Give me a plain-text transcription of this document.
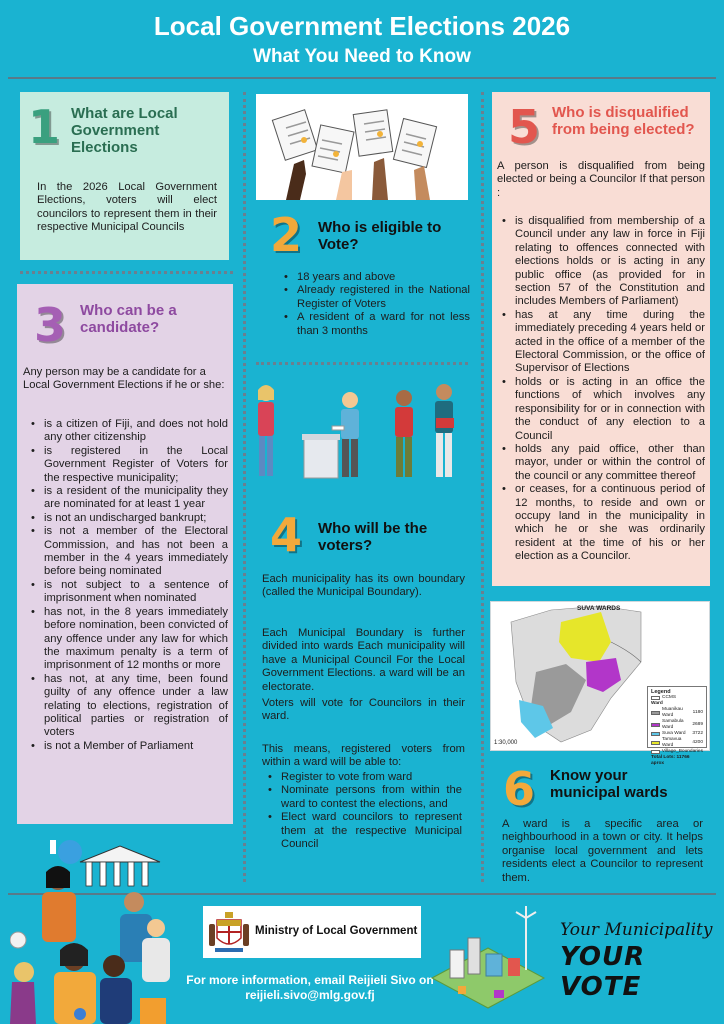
Local Government Elections 2026
What You Need to Know
1 What are Local Government Elections
In the 2026 Local Government Elections, voters will elect councilors to represent them in their respective Municipal Councils
3 Who can be a candidate?
Any person may be a candidate for a Local Government Elections if he or she:
• is a citizen of Fiji, and does not hold any other citizenship
• is registered in the Local Government Register of Voters for the respective municipality;
• is a resident of the municipality they are nominated for at least 1 year
• is not an undischarged bankrupt;
• is not a member of the Electoral Commission, and has not been a member in the 4 years immediately before being nominated
• is not subject to a sentence of imprisonment when nominated
• has not, in the 8 years immediately before nomination, been convicted of any offence under any law for which the maximum penalty is a term of imprisonment of 12 months or more
• has not, at any time, been found guilty of any offence under a law relating to elections, registration of political parties or registration of voters
• is not a Member of Parliament
2 Who is eligible to Vote?
• 18 years and above
• Already registered in the National Register of Voters
• A resident of a ward for not less than 3 months
4 Who will be the voters?
Each municipality has its own boundary (called the Municipal Boundary).
Each Municipal Boundary is further divided into wards Each municipality will have a Municipal Council For the Local Government Elections. a ward will be an electorate.
Voters will vote for Councilors in their ward.
This means, registered voters from within a ward will be able to:
• Register to vote from ward
• Nominate persons from within the ward to contest the elections, and
• Elect ward councilors to represent them at the respective Municipal Council
5 Who is disqualified from being elected?
A person is disqualified from being elected or being a Councilor If that person :
• is disqualified from membership of a Council under any law in force in Fiji relating to offences connected with elections holds or is acting in any public office (as provided for in section 57 of the Constitution and includes Members of Parliament)
• has at any time during the immediately preceding 4 years held or acted in the office of a member of the Electoral Commission, or the office of Supervisor of Elections
• holds or is acting in an office the functions of which involves any responsibility for or in connection with the conduct of any election to a Council
• holds any paid office, other than mayor, under or within the control of the council or any committee thereof
• or ceases, for a continuous period of 12 months, to reside and own or occupy land in the municipality in which he or she was ordinarily resident at the time of his or her election as a Councilor.
SUVA WARDS
1:30,000
Legend
CCMS
Ward
Muanikau Ward
1180
Samabula Ward
2689
Suva Ward	3722
Tamavua Ward
4200
Village_Boundaries
Total Lots: 11766 aprox
6 Know your municipal wards
A ward is a specific area or neighbourhood in a town or city. It helps organise local government and lets residents elect a Councilor to represent them.
Ministry of Local Government
For more information, email Reijieli Sivo on
reijieli.sivo@mlg.gov.fj
Your Municipality
YOUR VOTE
